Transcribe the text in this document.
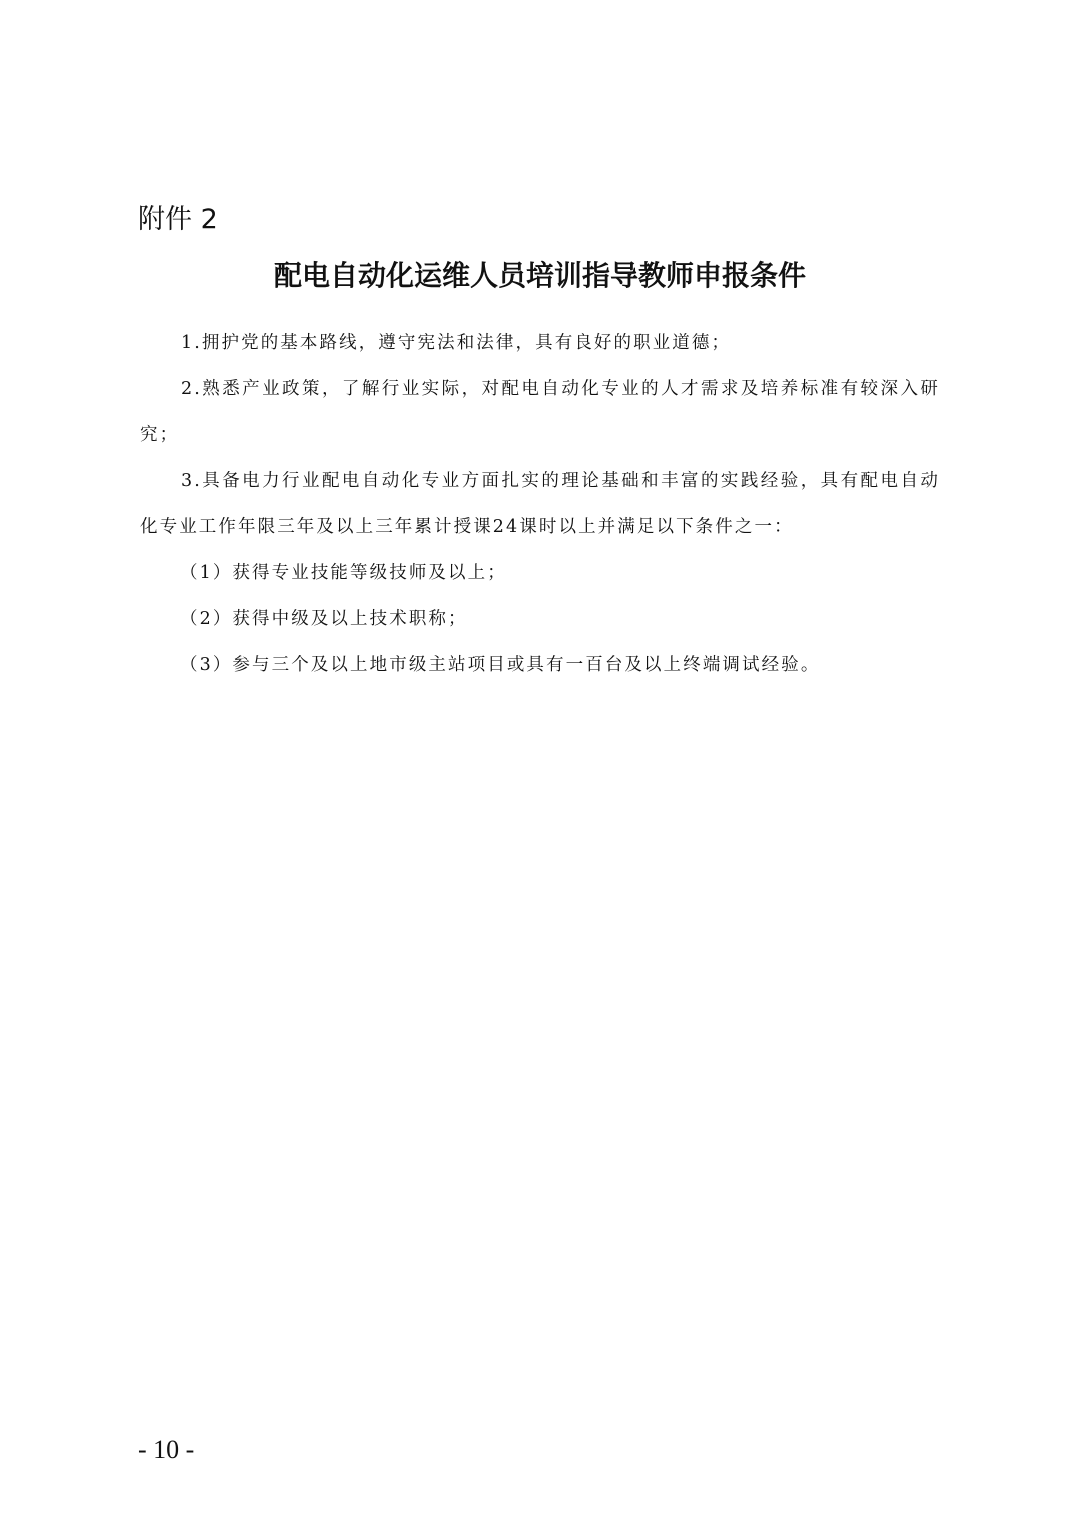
附件 2
配电自动化运维人员培训指导教师申报条件

1.拥护党的基本路线，遵守宪法和法律，具有良好的职业道德；

2.熟悉产业政策，了解行业实际，对配电自动化专业的人才需求及培养标准有较深入研究；

3.具备电力行业配电自动化专业方面扎实的理论基础和丰富的实践经验，具有配电自动化专业工作年限三年及以上三年累计授课24课时以上并满足以下条件之一：

（1）获得专业技能等级技师及以上；

（2）获得中级及以上技术职称；

（3）参与三个及以上地市级主站项目或具有一百台及以上终端调试经验。

- 10 -
